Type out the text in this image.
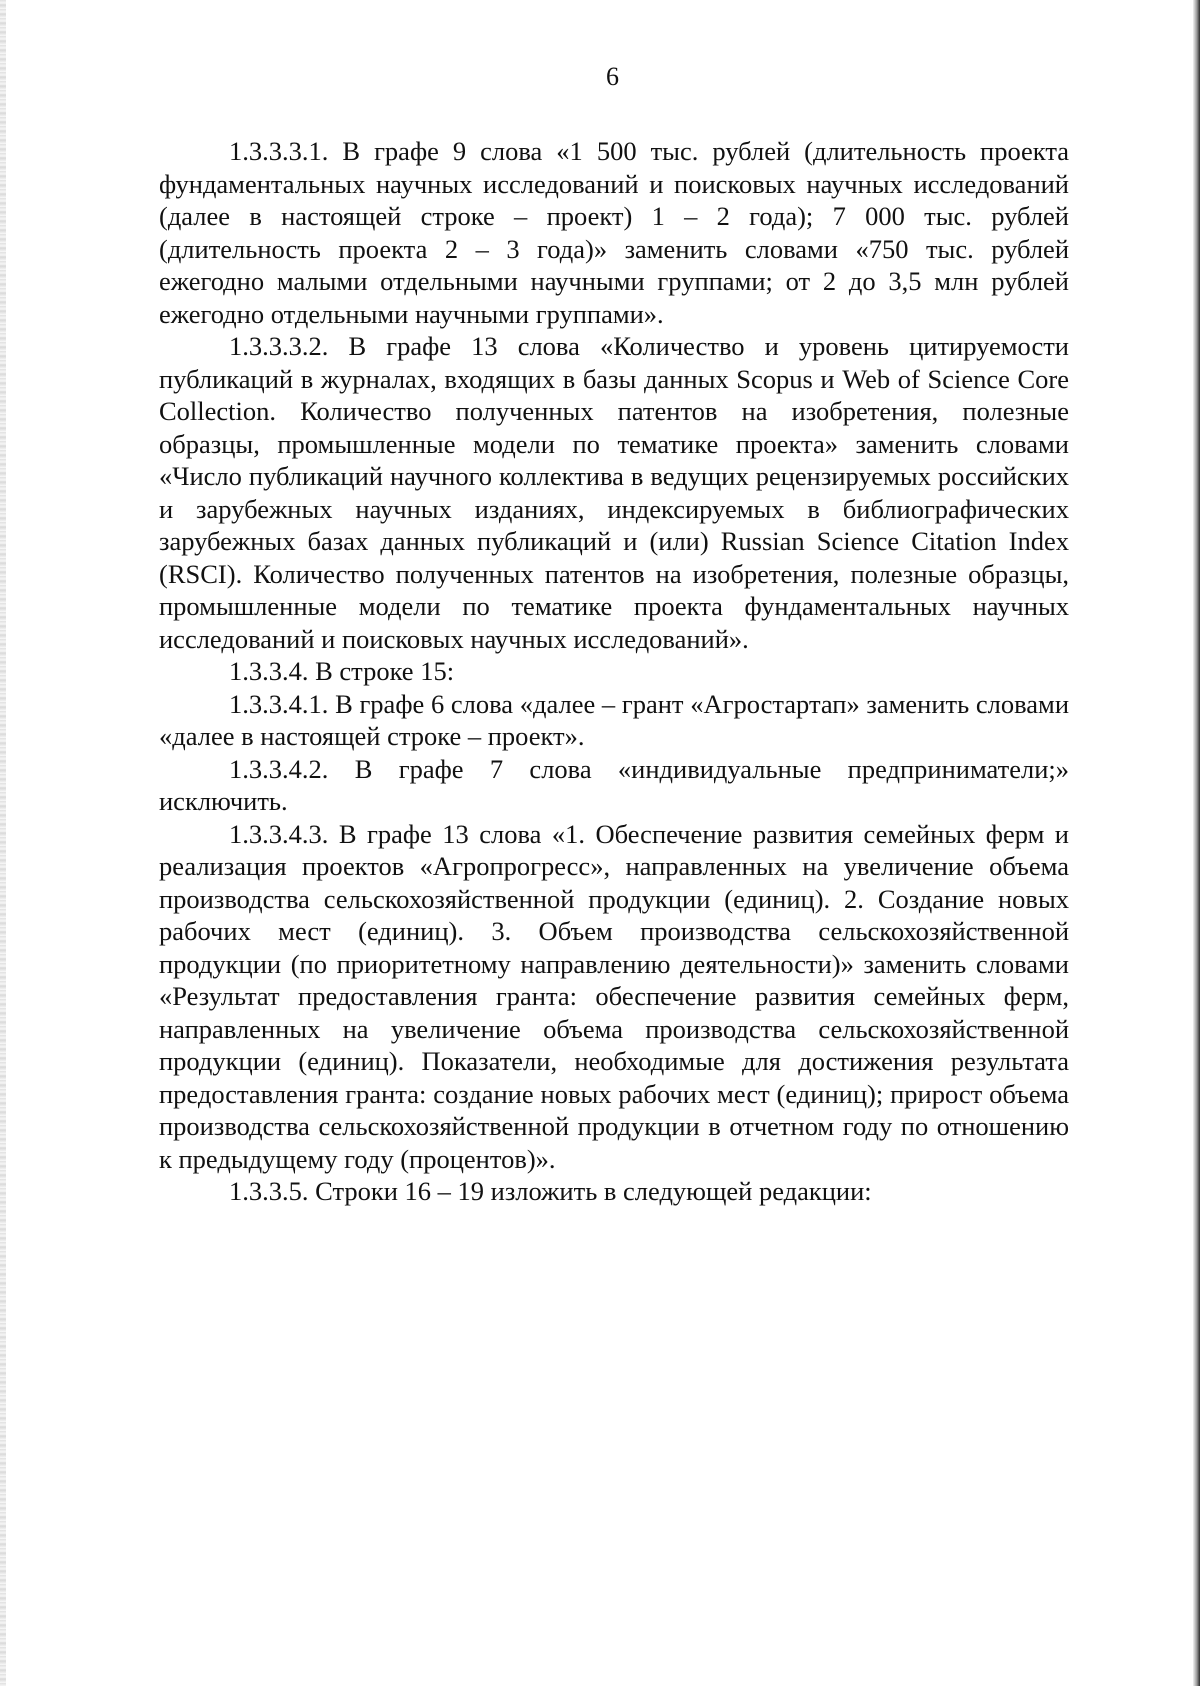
6

1.3.3.3.1. В графе 9 слова «1 500 тыс. рублей (длительность проекта фундаментальных научных исследований и поисковых научных исследований (далее в настоящей строке – проект) 1 – 2 года); 7 000 тыс. рублей (длительность проекта 2 – 3 года)» заменить словами «750 тыс. рублей ежегодно малыми отдельными научными группами; от 2 до 3,5 млн рублей ежегодно отдельными научными группами».

1.3.3.3.2. В графе 13 слова «Количество и уровень цитируемости публикаций в журналах, входящих в базы данных Scopus и Web of Science Core Collection. Количество полученных патентов на изобретения, полезные образцы, промышленные модели по тематике проекта» заменить словами «Число публикаций научного коллектива в ведущих рецензируемых российских и зарубежных научных изданиях, индексируемых в библиографических зарубежных базах данных публикаций и (или) Russian Science Citation Index (RSCI). Количество полученных патентов на изобретения, полезные образцы, промышленные модели по тематике проекта фундаментальных научных исследований и поисковых научных исследований».

1.3.3.4. В строке 15:

1.3.3.4.1. В графе 6 слова «далее – грант «Агростартап» заменить словами «далее в настоящей строке – проект».

1.3.3.4.2. В графе 7 слова «индивидуальные предприниматели;» исключить.

1.3.3.4.3. В графе 13 слова «1. Обеспечение развития семейных ферм и реализация проектов «Агропрогресс», направленных на увеличение объема производства сельскохозяйственной продукции (единиц). 2. Создание новых рабочих мест (единиц). 3. Объем производства сельскохозяйственной продукции (по приоритетному направлению деятельности)» заменить словами «Результат предоставления гранта: обеспечение развития семейных ферм, направленных на увеличение объема производства сельскохозяйственной продукции (единиц). Показатели, необходимые для достижения результата предоставления гранта: создание новых рабочих мест (единиц); прирост объема производства сельскохозяйственной продукции в отчетном году по отношению к предыдущему году (процентов)».

1.3.3.5. Строки 16 – 19 изложить в следующей редакции:
